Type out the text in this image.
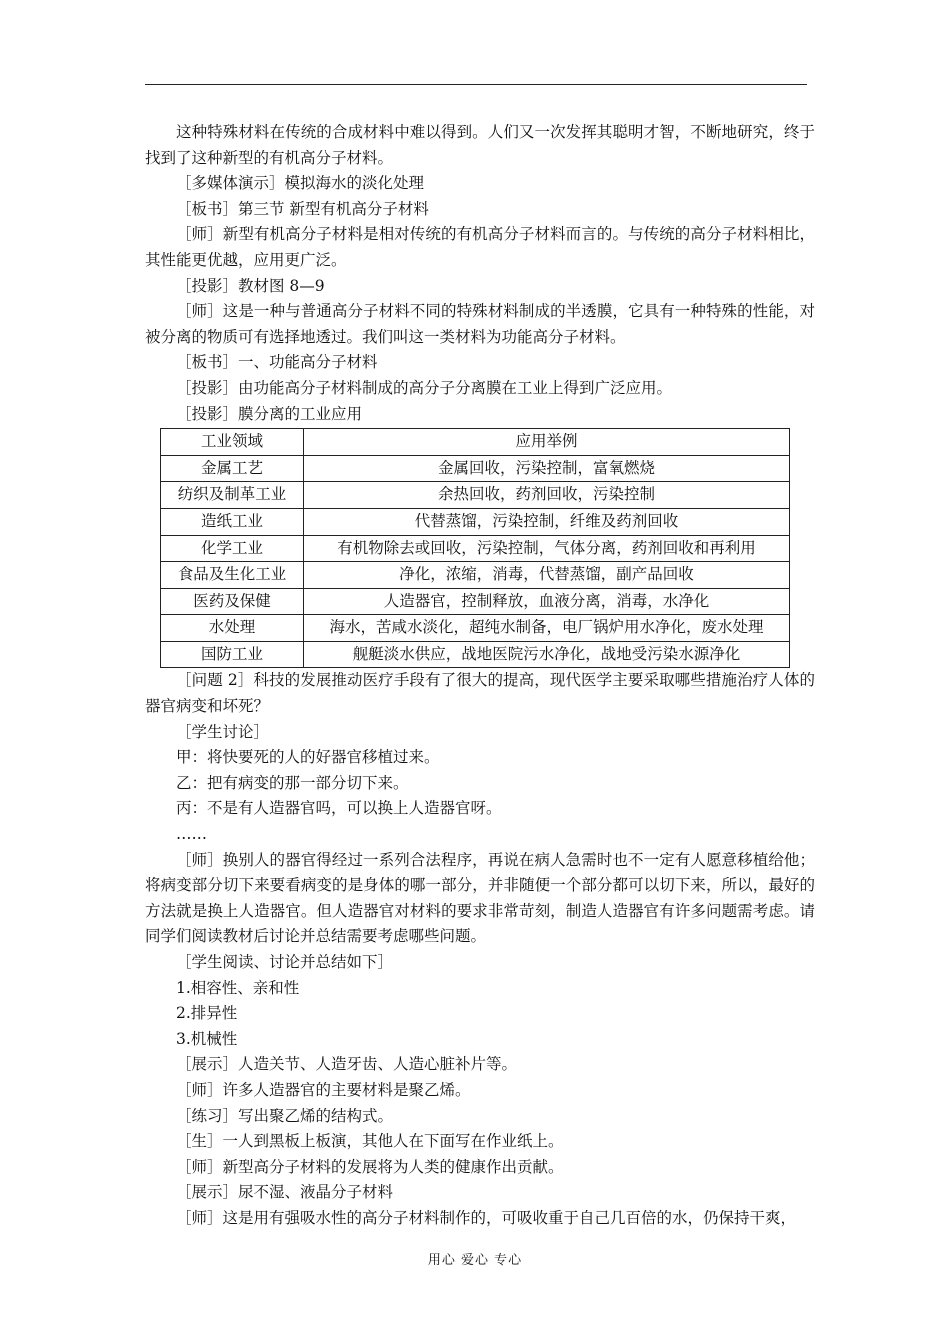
这种特殊材料在传统的合成材料中难以得到。人们又一次发挥其聪明才智，不断地研究，终于找到了这种新型的有机高分子材料。

［多媒体演示］模拟海水的淡化处理

［板书］第三节 新型有机高分子材料

［师］新型有机高分子材料是相对传统的有机高分子材料而言的。与传统的高分子材料相比，其性能更优越，应用更广泛。

［投影］教材图 8—9

［师］这是一种与普通高分子材料不同的特殊材料制成的半透膜，它具有一种特殊的性能，对被分离的物质可有选择地透过。我们叫这一类材料为功能高分子材料。

［板书］一、功能高分子材料

［投影］由功能高分子材料制成的高分子分离膜在工业上得到广泛应用。

［投影］膜分离的工业应用

工业领域	应用举例
金属工艺	金属回收，污染控制，富氧燃烧
纺织及制革工业	余热回收，药剂回收，污染控制
造纸工业	代替蒸馏，污染控制，纤维及药剂回收
化学工业	有机物除去或回收，污染控制，气体分离，药剂回收和再利用
食品及生化工业	净化，浓缩，消毒，代替蒸馏，副产品回收
医药及保健	人造器官，控制释放，血液分离，消毒，水净化
水处理	海水，苦咸水淡化，超纯水制备，电厂锅炉用水净化，废水处理
国防工业	舰艇淡水供应，战地医院污水净化，战地受污染水源净化

［问题 2］科技的发展推动医疗手段有了很大的提高，现代医学主要采取哪些措施治疗人体的器官病变和坏死？

［学生讨论］

甲：将快要死的人的好器官移植过来。

乙：把有病变的那一部分切下来。

丙：不是有人造器官吗，可以换上人造器官呀。

……

［师］换别人的器官得经过一系列合法程序，再说在病人急需时也不一定有人愿意移植给他；将病变部分切下来要看病变的是身体的哪一部分，并非随便一个部分都可以切下来，所以，最好的方法就是换上人造器官。但人造器官对材料的要求非常苛刻，制造人造器官有许多问题需考虑。请同学们阅读教材后讨论并总结需要考虑哪些问题。

［学生阅读、讨论并总结如下］

1.相容性、亲和性

2.排异性

3.机械性

［展示］人造关节、人造牙齿、人造心脏补片等。

［师］许多人造器官的主要材料是聚乙烯。

［练习］写出聚乙烯的结构式。

［生］一人到黑板上板演，其他人在下面写在作业纸上。

［师］新型高分子材料的发展将为人类的健康作出贡献。

［展示］尿不湿、液晶分子材料

［师］这是用有强吸水性的高分子材料制作的，可吸收重于自己几百倍的水，仍保持干爽，

用心 爱心 专心
